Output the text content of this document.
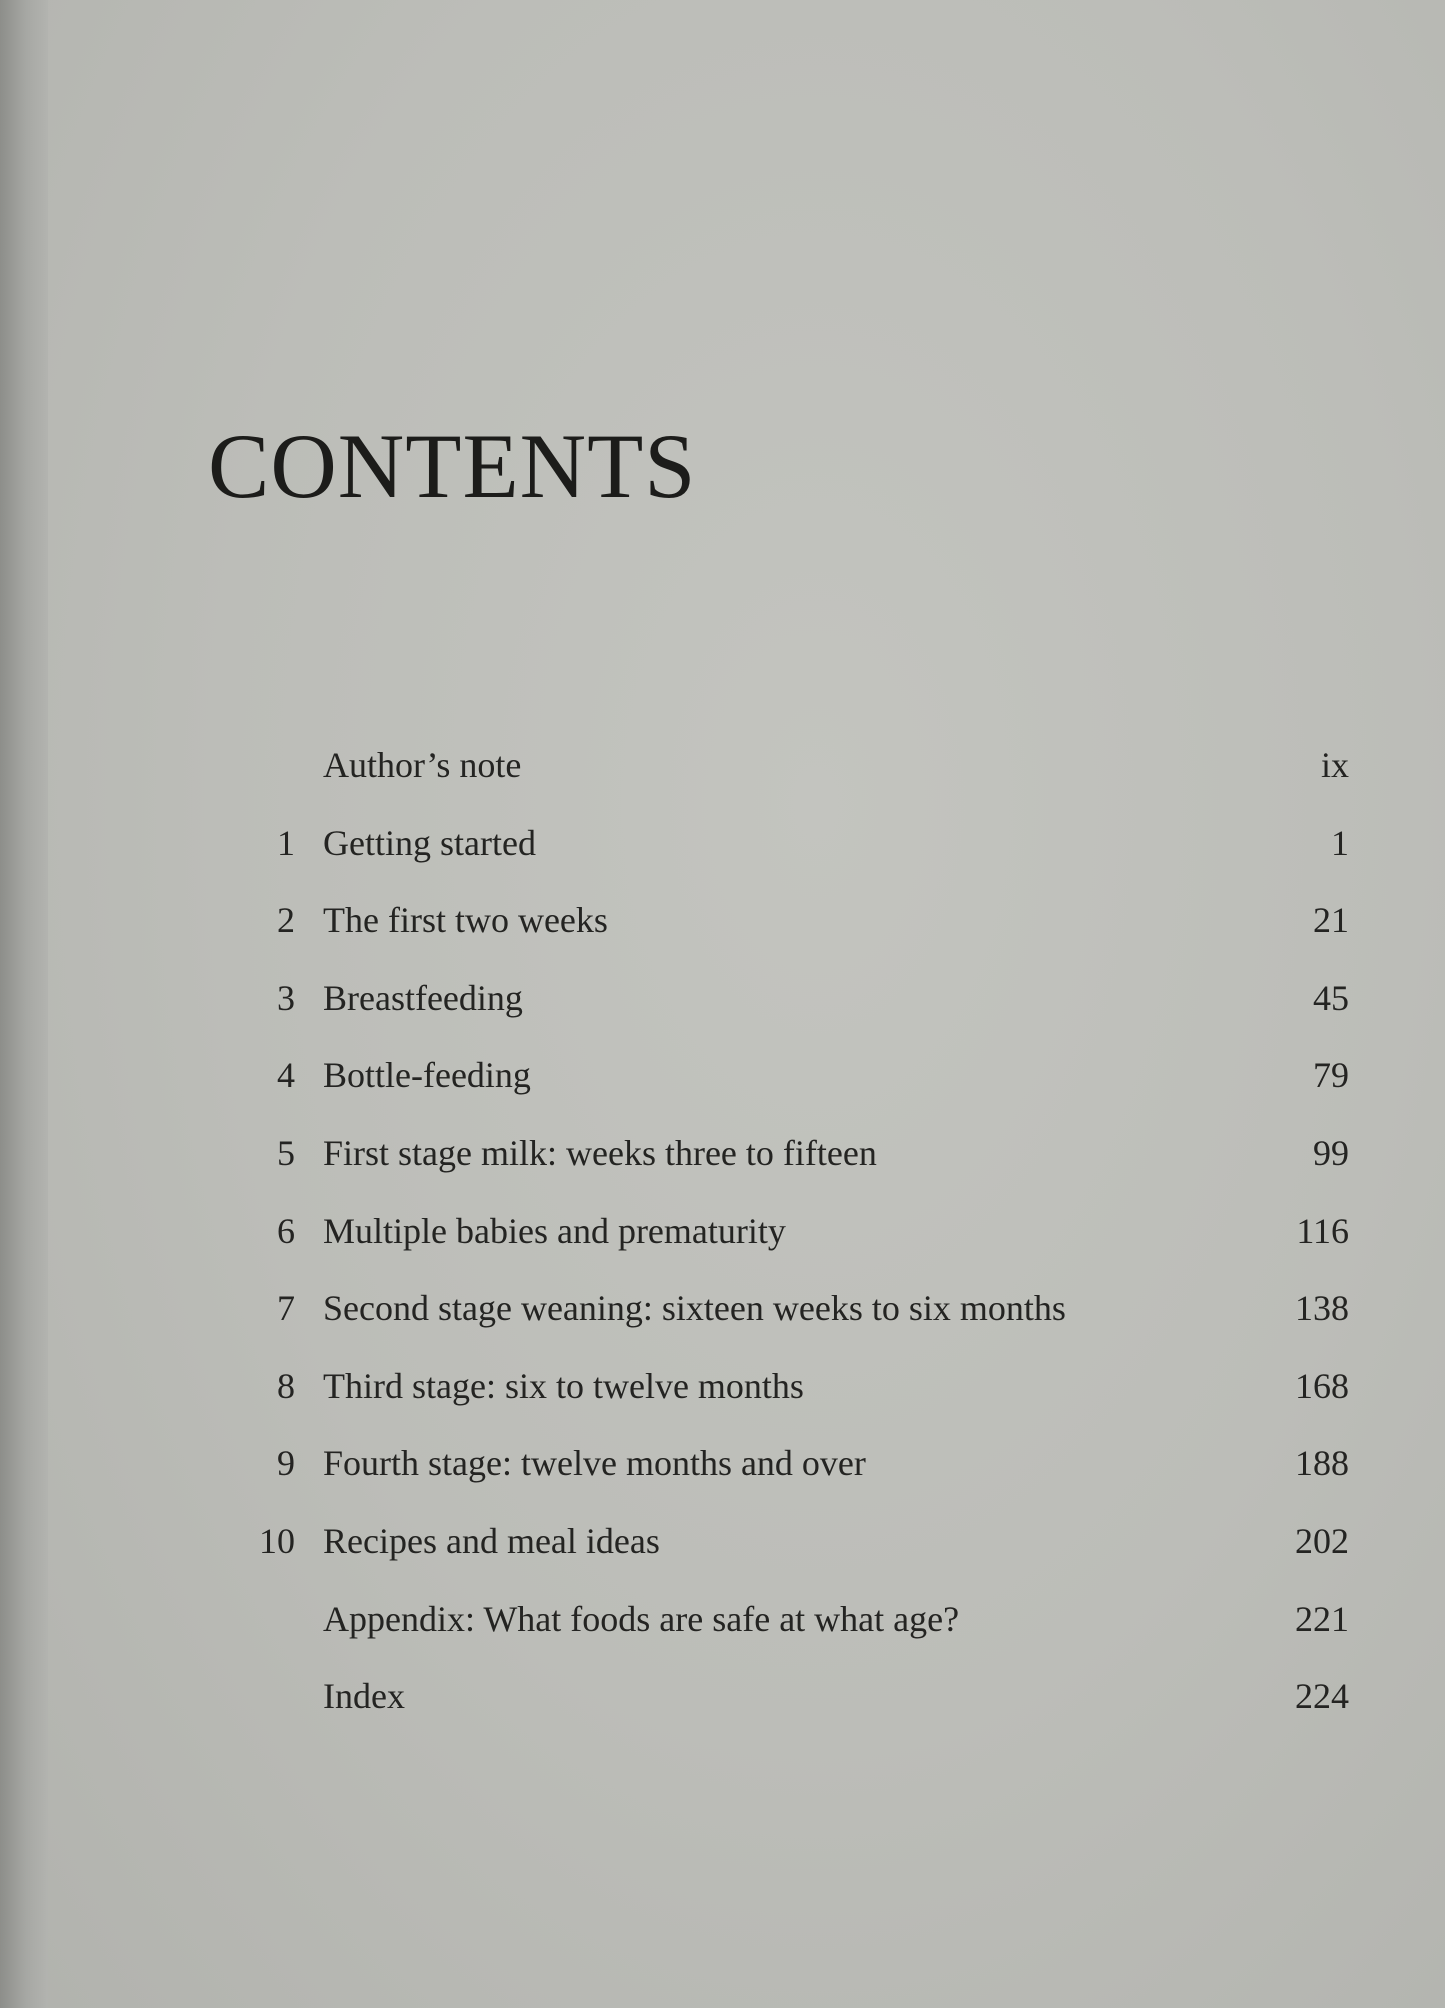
CONTENTS
Author’s note	ix
1 Getting started	1
2 The first two weeks	21
3 Breastfeeding	45
4 Bottle-feeding	79
5 First stage milk: weeks three to fifteen	99
6 Multiple babies and prematurity	116
7 Second stage weaning: sixteen weeks to six months	138
8 Third stage: six to twelve months	168
9 Fourth stage: twelve months and over	188
10 Recipes and meal ideas	202
Appendix: What foods are safe at what age?	221
Index	224
